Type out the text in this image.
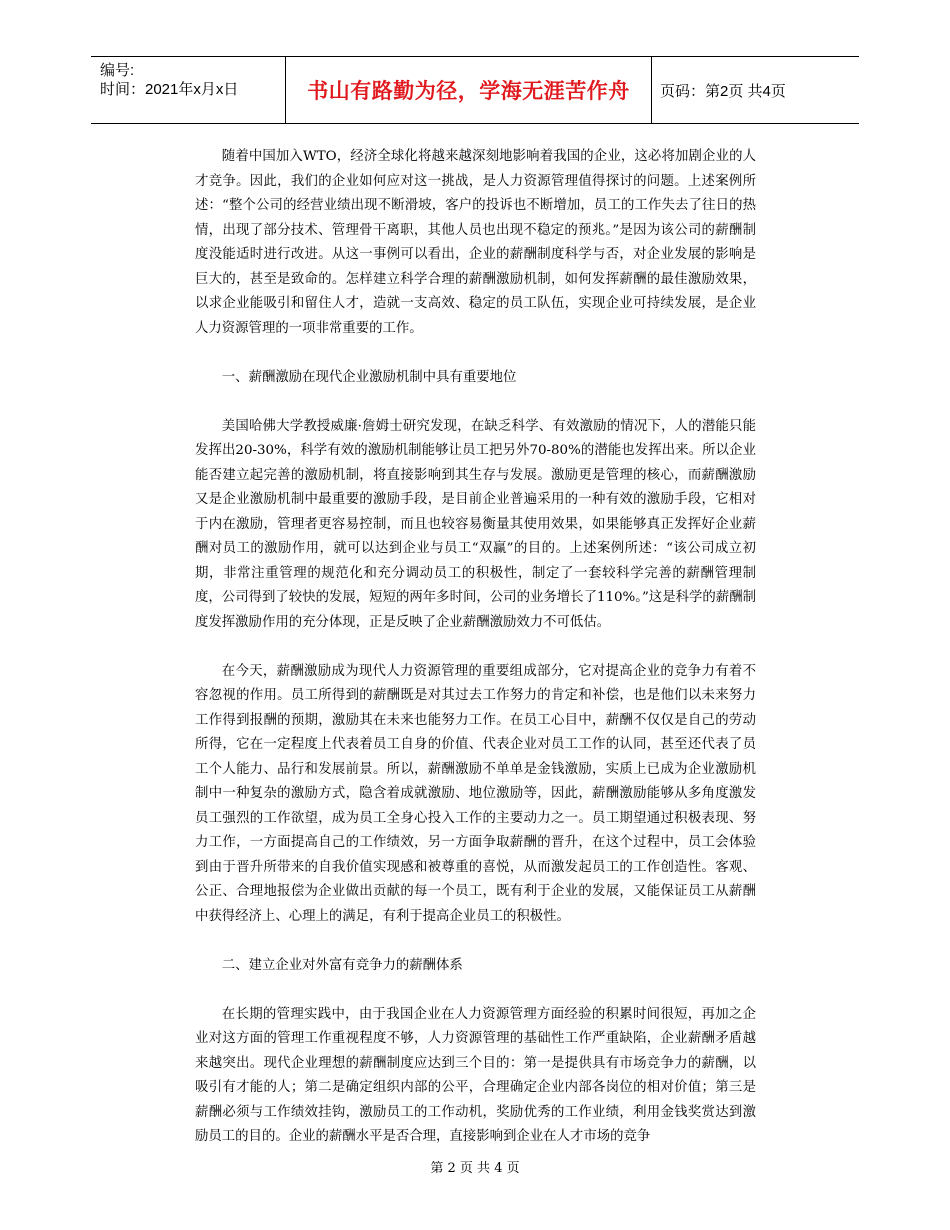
编号:
时间：2021年x月x日	书山有路勤为径，学海无涯苦作舟 页码：第2页 共4页

随着中国加入WTO，经济全球化将越来越深刻地影响着我国的企业，这必将加剧企业的人才竞争。因此，我们的企业如何应对这一挑战，是人力资源管理值得探讨的问题。上述案例所述：“整个公司的经营业绩出现不断滑坡，客户的投诉也不断增加，员工的工作失去了往日的热情，出现了部分技术、管理骨干离职，其他人员也出现不稳定的预兆。”是因为该公司的薪酬制度没能适时进行改进。从这一事例可以看出，企业的薪酬制度科学与否，对企业发展的影响是巨大的，甚至是致命的。怎样建立科学合理的薪酬激励机制，如何发挥薪酬的最佳激励效果，以求企业能吸引和留住人才，造就一支高效、稳定的员工队伍，实现企业可持续发展，是企业人力资源管理的一项非常重要的工作。

一、薪酬激励在现代企业激励机制中具有重要地位

美国哈佛大学教授威廉·詹姆士研究发现，在缺乏科学、有效激励的情况下，人的潜能只能发挥出20-30%，科学有效的激励机制能够让员工把另外70-80%的潜能也发挥出来。所以企业能否建立起完善的激励机制，将直接影响到其生存与发展。激励更是管理的核心，而薪酬激励又是企业激励机制中最重要的激励手段，是目前企业普遍采用的一种有效的激励手段，它相对于内在激励，管理者更容易控制，而且也较容易衡量其使用效果，如果能够真正发挥好企业薪酬对员工的激励作用，就可以达到企业与员工“双赢”的目的。上述案例所述：“该公司成立初期，非常注重管理的规范化和充分调动员工的积极性，制定了一套较科学完善的薪酬管理制度，公司得到了较快的发展，短短的两年多时间，公司的业务增长了110%。”这是科学的薪酬制度发挥激励作用的充分体现，正是反映了企业薪酬激励效力不可低估。

在今天，薪酬激励成为现代人力资源管理的重要组成部分，它对提高企业的竞争力有着不容忽视的作用。员工所得到的薪酬既是对其过去工作努力的肯定和补偿，也是他们以未来努力工作得到报酬的预期，激励其在未来也能努力工作。在员工心目中，薪酬不仅仅是自己的劳动所得，它在一定程度上代表着员工自身的价值、代表企业对员工工作的认同，甚至还代表了员工个人能力、品行和发展前景。所以，薪酬激励不单单是金钱激励，实质上已成为企业激励机制中一种复杂的激励方式，隐含着成就激励、地位激励等，因此，薪酬激励能够从多角度激发员工强烈的工作欲望，成为员工全身心投入工作的主要动力之一。员工期望通过积极表现、努力工作，一方面提高自己的工作绩效，另一方面争取薪酬的晋升，在这个过程中，员工会体验到由于晋升所带来的自我价值实现感和被尊重的喜悦，从而激发起员工的工作创造性。客观、公正、合理地报偿为企业做出贡献的每一个员工，既有利于企业的发展，又能保证员工从薪酬中获得经济上、心理上的满足，有利于提高企业员工的积极性。

二、建立企业对外富有竞争力的薪酬体系

在长期的管理实践中，由于我国企业在人力资源管理方面经验的积累时间很短，再加之企业对这方面的管理工作重视程度不够，人力资源管理的基础性工作严重缺陷，企业薪酬矛盾越来越突出。现代企业理想的薪酬制度应达到三个目的：第一是提供具有市场竞争力的薪酬，以吸引有才能的人；第二是确定组织内部的公平，合理确定企业内部各岗位的相对价值；第三是薪酬必须与工作绩效挂钩，激励员工的工作动机，奖励优秀的工作业绩，利用金钱奖赏达到激励员工的目的。企业的薪酬水平是否合理，直接影响到企业在人才市场的竞争

第 2 页 共 4 页
